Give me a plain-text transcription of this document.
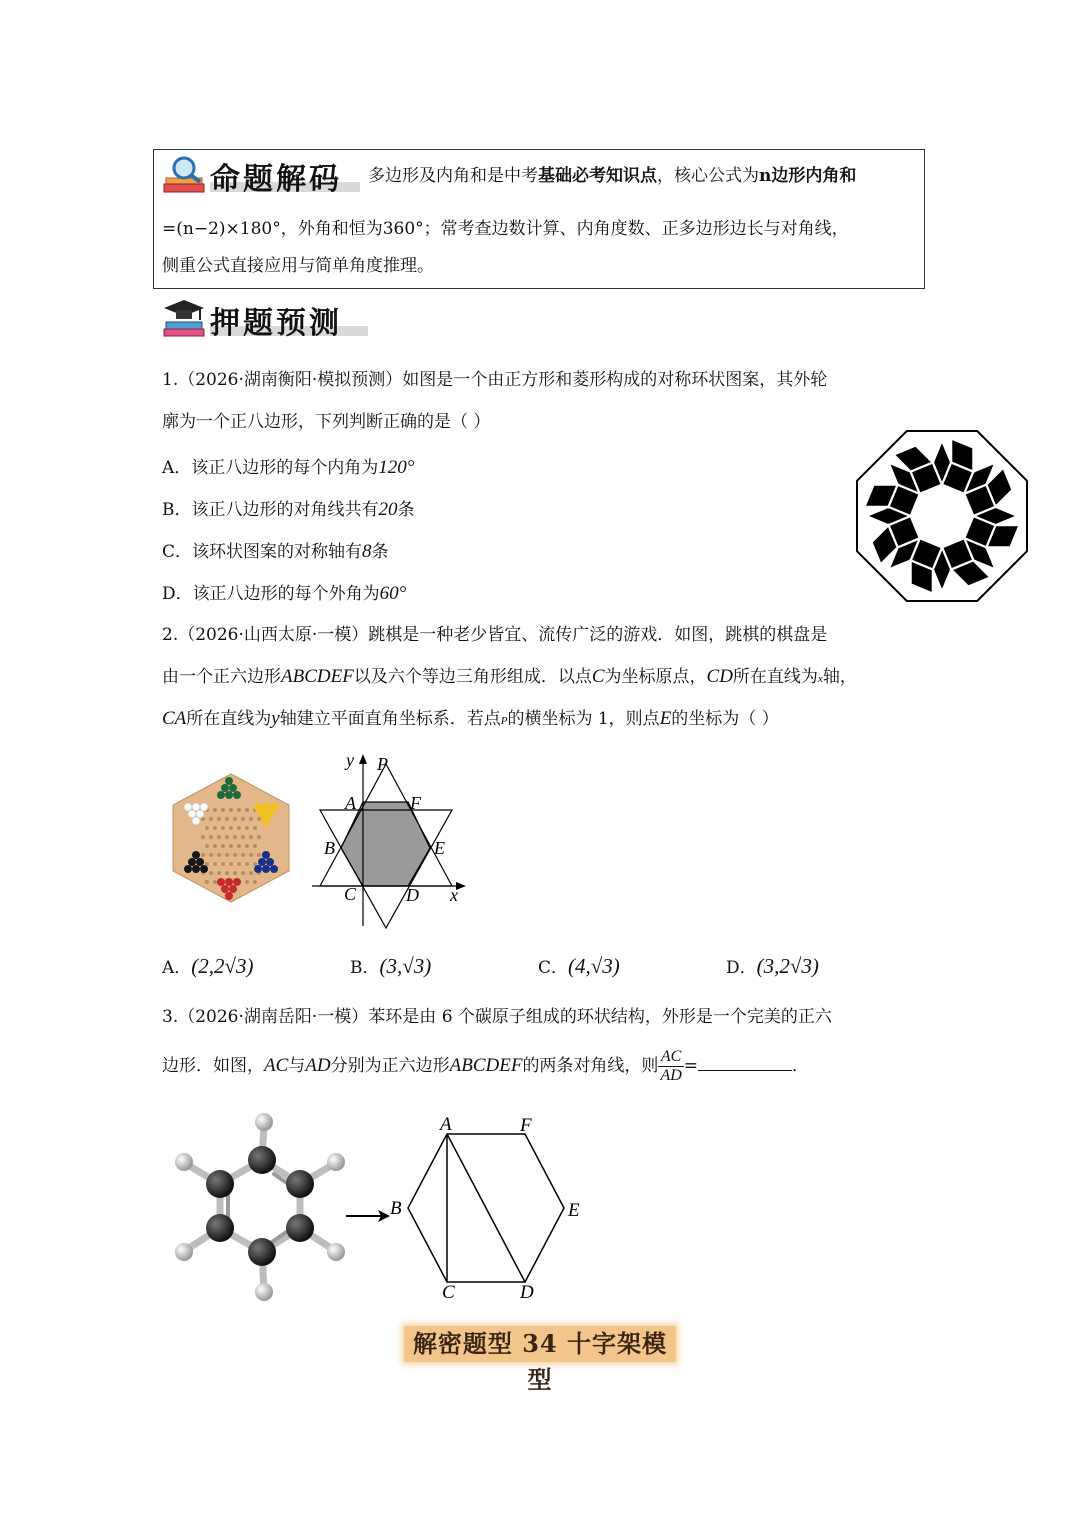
命题解码 多边形及内角和是中考基础必考知识点，核心公式为n边形内角和
=(n−2)×180°，外角和恒为360°；常考查边数计算、内角度数、正多边形边长与对角线，
侧重公式直接应用与简单角度推理。
押题预测
1.（2026·湖南衡阳·模拟预测）如图是一个由正方形和菱形构成的对称环状图案，其外轮
廓为一个正八边形，下列判断正确的是（ ）
A．该正八边形的每个内角为120°
B．该正八边形的对角线共有20条
C．该环状图案的对称轴有8条
D．该正八边形的每个外角为60°
2.（2026·山西太原·一模）跳棋是一种老少皆宜、流传广泛的游戏．如图，跳棋的棋盘是
由一个正六边形ABCDEF以及六个等边三角形组成．以点C为坐标原点，CD所在直线为x轴，
CA所在直线为y轴建立平面直角坐标系．若点P的横坐标为 1，则点E的坐标为（ ）
y P
A	F
B	E
C	D x
A．(2,2√3)	B．(3,√3)	C．(4,√3)	D．(3,2√3)
3.（2026·湖南岳阳·一模）苯环是由 6 个碳原子组成的环状结构，外形是一个完美的正六
边形．如图，AC与AD分别为正六边形ABCDEF的两条对角线，则 $\frac{AC}{AD}$ =	．
A	F
B	E
C	D
解密题型 34 十字架模型
